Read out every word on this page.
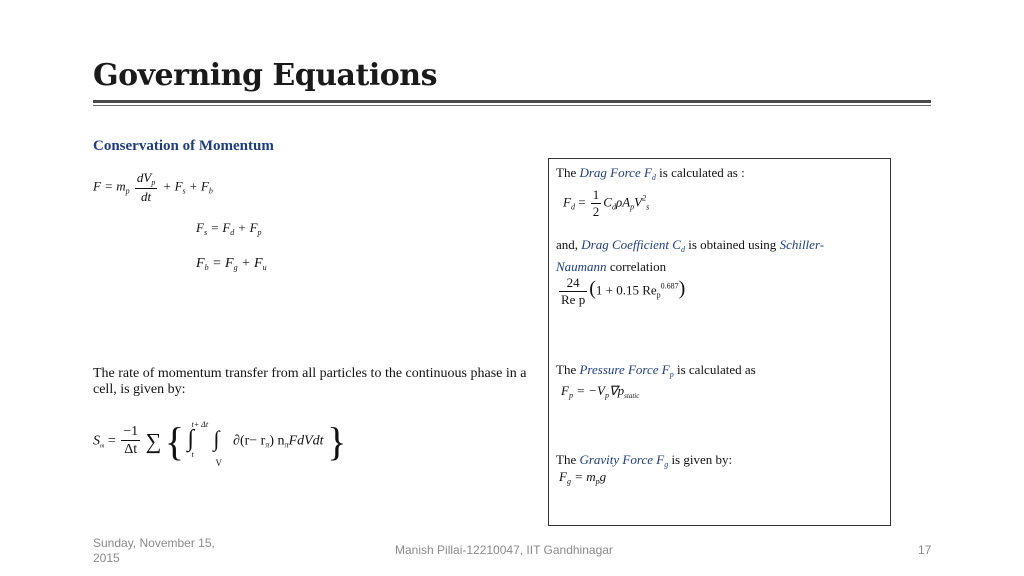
Governing Equations
Conservation of Momentum
$F = m_p \frac{dV_p}{dt} + F_s + F_b$
$F_s = F_d + F_p$
$F_b = F_g + F_u$
The rate of momentum transfer from all particles to the continuous phase in a cell, is given by:
$S_m = \frac{-1}{\Delta t}$ ∑ { t+ Δt
∫
t
∫
V
$\partial(r- r_\pi)$ $n_\pi FdVdt$ }
The Drag Force $F_d$ is calculated as :
$F_d = \frac{1}{2} C_d\rho A_pV^2_s$
and, Drag Coefficient $C_d$ is obtained using Schiller-
Naumann correlation
$\frac{24}{\text{Re p}} (1 + 0.15$ $Re_p^{0.687}$)
The Pressure Force $F_p$ is calculated as
$F_p = -V_p\nabla p_{static}$
The Gravity Force $F_g$ is given by:
$F_g = m_pg$
Sunday, November 15,
2015
Manish Pillai-12210047, IIT Gandhinagar	17
